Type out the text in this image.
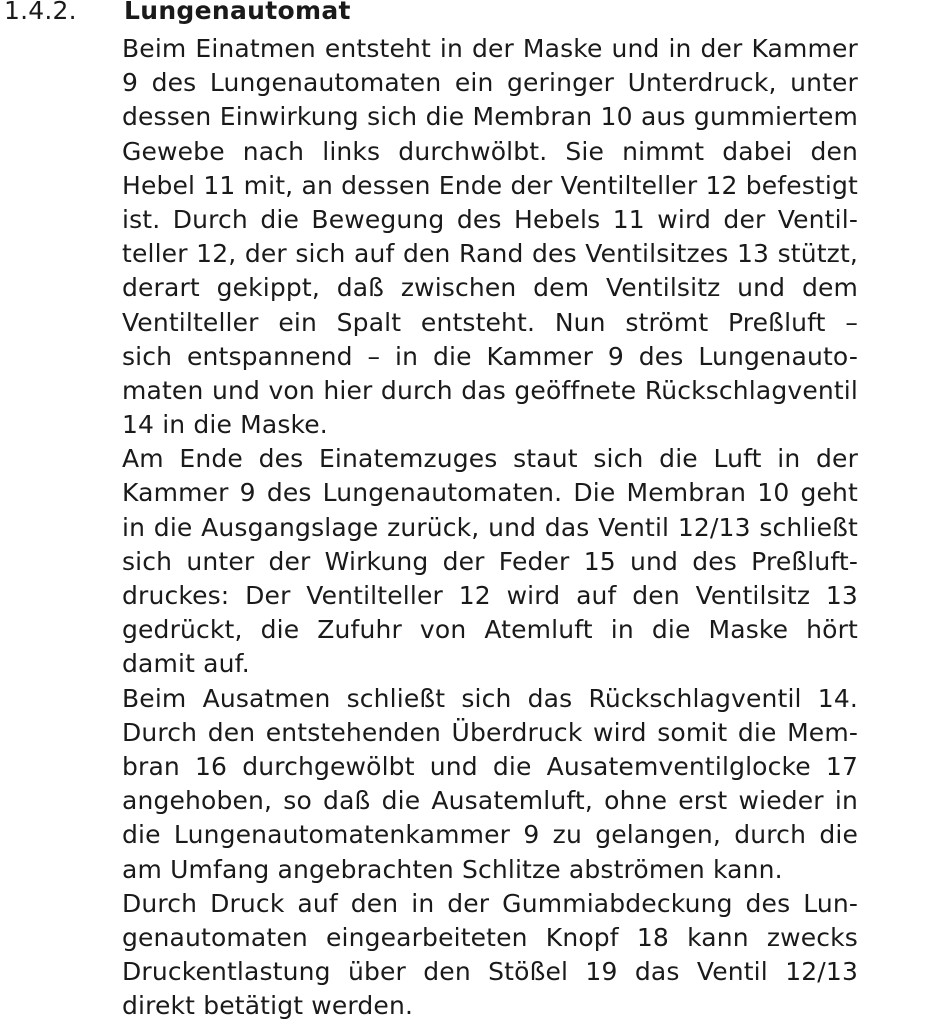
1.4.2. Lungenautomat
Beim Einatmen entsteht in der Maske und in der Kammer
9 des Lungenautomaten ein geringer Unterdruck, unter
dessen Einwirkung sich die Membran 10 aus gummiertem
Gewebe nach links durchwölbt. Sie nimmt dabei den
Hebel 11 mit, an dessen Ende der Ventilteller 12 befestigt
ist. Durch die Bewegung des Hebels 11 wird der Ventil-
teller 12, der sich auf den Rand des Ventilsitzes 13 stützt,
derart gekippt, daß zwischen dem Ventilsitz und dem
Ventilteller ein Spalt entsteht. Nun strömt Preßluft –
sich entspannend – in die Kammer 9 des Lungenauto-
maten und von hier durch das geöffnete Rückschlagventil
14 in die Maske.
Am Ende des Einatemzuges staut sich die Luft in der
Kammer 9 des Lungenautomaten. Die Membran 10 geht
in die Ausgangslage zurück, und das Ventil 12/13 schließt
sich unter der Wirkung der Feder 15 und des Preßluft-
druckes: Der Ventilteller 12 wird auf den Ventilsitz 13
gedrückt, die Zufuhr von Atemluft in die Maske hört
damit auf.
Beim Ausatmen schließt sich das Rückschlagventil 14.
Durch den entstehenden Überdruck wird somit die Mem-
bran 16 durchgewölbt und die Ausatemventilglocke 17
angehoben, so daß die Ausatemluft, ohne erst wieder in
die Lungenautomatenkammer 9 zu gelangen, durch die
am Umfang angebrachten Schlitze abströmen kann.
Durch Druck auf den in der Gummiabdeckung des Lun-
genautomaten eingearbeiteten Knopf 18 kann zwecks
Druckentlastung über den Stößel 19 das Ventil 12/13
direkt betätigt werden.
